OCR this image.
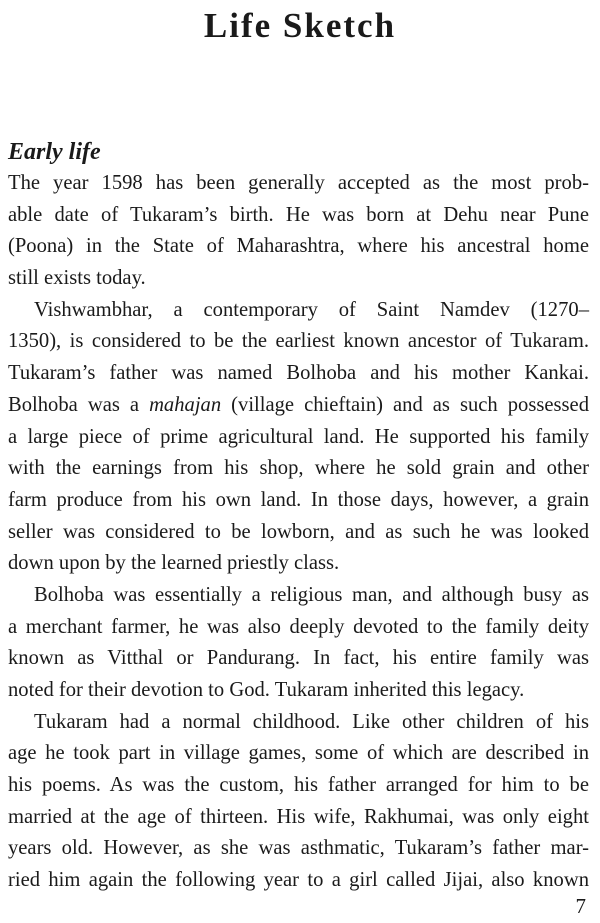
Life Sketch
Early life
The year 1598 has been generally accepted as the most prob-
able date of Tukaram’s birth. He was born at Dehu near Pune
(Poona) in the State of Maharashtra, where his ancestral home
still exists today.
Vishwambhar, a contemporary of Saint Namdev (1270–
1350), is considered to be the earliest known ancestor of Tukaram.
Tukaram’s father was named Bolhoba and his mother Kankai.
Bolhoba was a mahajan (village chieftain) and as such possessed
a large piece of prime agricultural land. He supported his family
with the earnings from his shop, where he sold grain and other
farm produce from his own land. In those days, however, a grain
seller was considered to be lowborn, and as such he was looked
down upon by the learned priestly class.
Bolhoba was essentially a religious man, and although busy as
a merchant farmer, he was also deeply devoted to the family deity
known as Vitthal or Pandurang. In fact, his entire family was
noted for their devotion to God. Tukaram inherited this legacy.
Tukaram had a normal childhood. Like other children of his
age he took part in village games, some of which are described in
his poems. As was the custom, his father arranged for him to be
married at the age of thirteen. His wife, Rakhumai, was only eight
years old. However, as she was asthmatic, Tukaram’s father mar-
ried him again the following year to a girl called Jijai, also known

7
